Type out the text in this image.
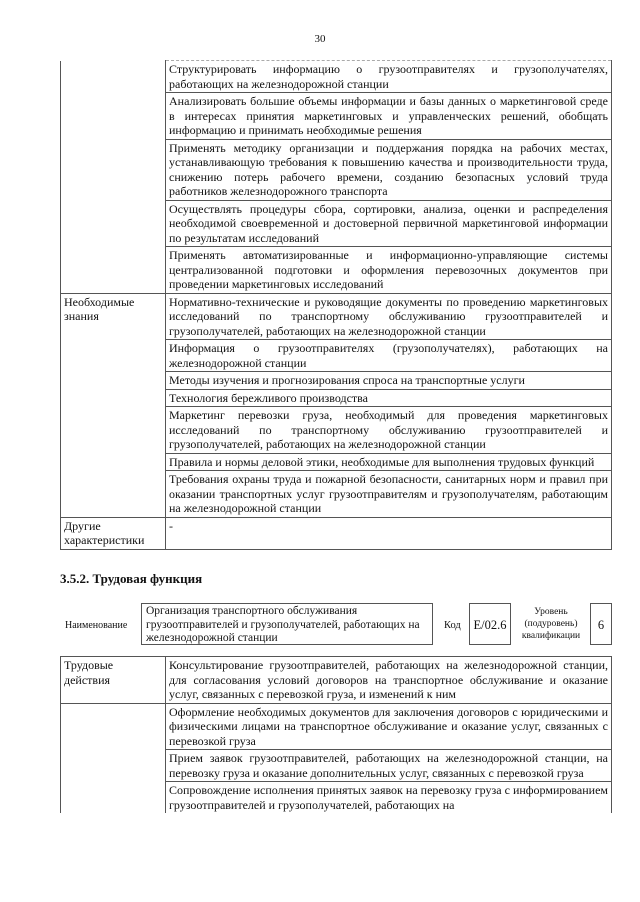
30
	Структурировать информацию о грузоотправителях и грузополучателях, работающих на железнодорожной станции
	Анализировать большие объемы информации и базы данных о маркетинговой среде в интересах принятия маркетинговых и управленческих решений, обобщать информацию и принимать необходимые решения
	Применять методику организации и поддержания порядка на рабочих местах, устанавливающую требования к повышению качества и производительности труда, снижению потерь рабочего времени, созданию безопасных условий труда работников железнодорожного транспорта
	Осуществлять процедуры сбора, сортировки, анализа, оценки и распределения необходимой своевременной и достоверной первичной маркетинговой информации по результатам исследований
	Применять автоматизированные и информационно-управляющие системы централизованной подготовки и оформления перевозочных документов при проведении маркетинговых исследований
Необходимые знания	Нормативно-технические и руководящие документы по проведению маркетинговых исследований по транспортному обслуживанию грузоотправителей и грузополучателей, работающих на железнодорожной станции
	Информация о грузоотправителях (грузополучателях), работающих на железнодорожной станции
	Методы изучения и прогнозирования спроса на транспортные услуги
	Технология бережливого производства
	Маркетинг перевозки груза, необходимый для проведения маркетинговых исследований по транспортному обслуживанию грузоотправителей и грузополучателей, работающих на железнодорожной станции
	Правила и нормы деловой этики, необходимые для выполнения трудовых функций
	Требования охраны труда и пожарной безопасности, санитарных норм и правил при оказании транспортных услуг грузоотправителям и грузополучателям, работающим на железнодорожной станции
Другие характеристики	-
3.5.2. Трудовая функция
Наименование
Организация транспортного обслуживания грузоотправителей и грузополучателей, работающих на железнодорожной станции
Код	E/02.6
Уровень (подуровень) квалификации
6
Трудовые действия	Консультирование грузоотправителей, работающих на железнодорожной станции, для согласования условий договоров на транспортное обслуживание и оказание услуг, связанных с перевозкой груза, и изменений к ним
	Оформление необходимых документов для заключения договоров с юридическими и физическими лицами на транспортное обслуживание и оказание услуг, связанных с перевозкой груза
	Прием заявок грузоотправителей, работающих на железнодорожной станции, на перевозку груза и оказание дополнительных услуг, связанных с перевозкой груза
	Сопровождение исполнения принятых заявок на перевозку груза с информированием грузоотправителей и грузополучателей, работающих на
